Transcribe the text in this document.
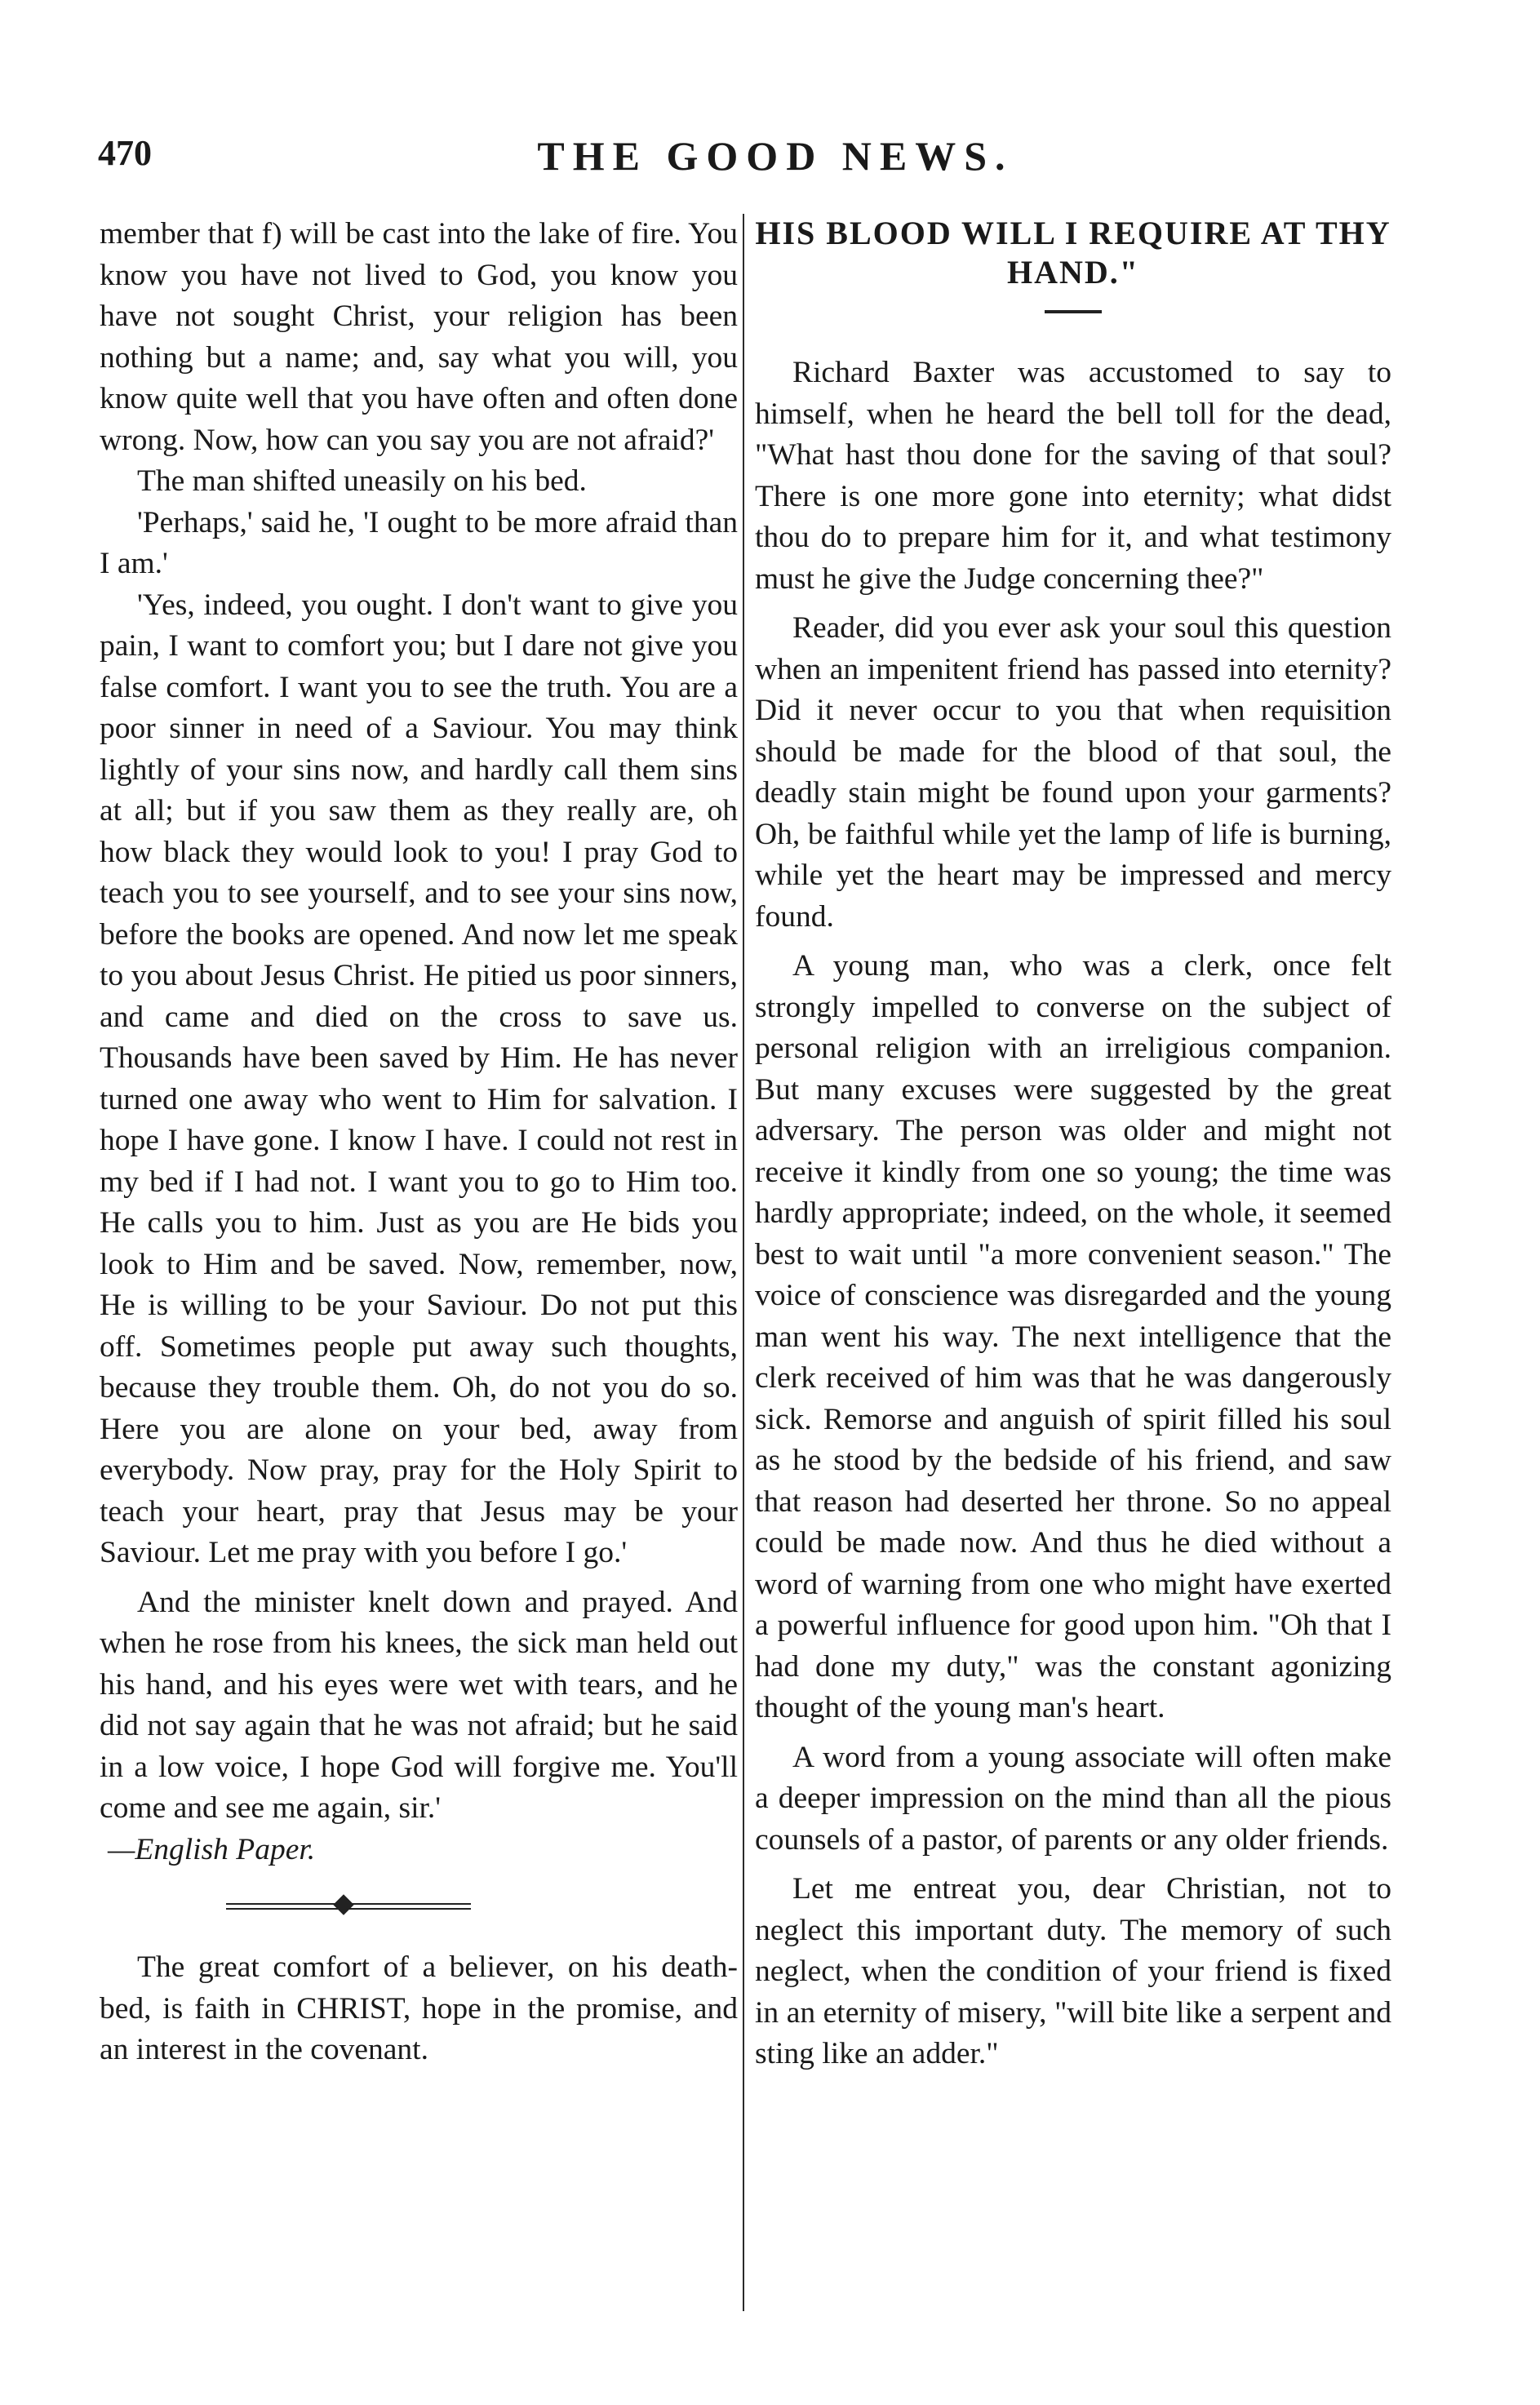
470	THE GOOD NEWS.

member that f) will be cast into the lake of fire. You know you have not lived to God, you know you have not sought Christ, your religion has been nothing but a name; and, say what you will, you know quite well that you have often and often done wrong. Now, how can you say you are not afraid?'

The man shifted uneasily on his bed.

'Perhaps,' said he, 'I ought to be more afraid than I am.'

'Yes, indeed, you ought. I don't want to give you pain, I want to comfort you; but I dare not give you false comfort. I want you to see the truth. You are a poor sinner in need of a Saviour. You may think lightly of your sins now, and hardly call them sins at all; but if you saw them as they really are, oh how black they would look to you! I pray God to teach you to see yourself, and to see your sins now, before the books are opened. And now let me speak to you about Jesus Christ. He pitied us poor sinners, and came and died on the cross to save us. Thousands have been saved by Him. He has never turned one away who went to Him for salvation. I hope I have gone. I know I have. I could not rest in my bed if I had not. I want you to go to Him too. He calls you to him. Just as you are He bids you look to Him and be saved. Now, remember, now, He is willing to be your Saviour. Do not put this off. Sometimes people put away such thoughts, because they trouble them. Oh, do not you do so. Here you are alone on your bed, away from everybody. Now pray, pray for the Holy Spirit to teach your heart, pray that Jesus may be your Saviour. Let me pray with you before I go.'

And the minister knelt down and prayed. And when he rose from his knees, the sick man held out his hand, and his eyes were wet with tears, and he did not say again that he was not afraid; but he said in a low voice, I hope God will forgive me. You'll come and see me again, sir.'

—English Paper.

The great comfort of a believer, on his death-bed, is faith in CHRIST, hope in the promise, and an interest in the covenant.

HIS BLOOD WILL I REQUIRE AT THY HAND."

Richard Baxter was accustomed to say to himself, when he heard the bell toll for the dead, "What hast thou done for the saving of that soul? There is one more gone into eternity; what didst thou do to prepare him for it, and what testimony must he give the Judge concerning thee?"

Reader, did you ever ask your soul this question when an impenitent friend has passed into eternity? Did it never occur to you that when requisition should be made for the blood of that soul, the deadly stain might be found upon your garments? Oh, be faithful while yet the lamp of life is burning, while yet the heart may be impressed and mercy found.

A young man, who was a clerk, once felt strongly impelled to converse on the subject of personal religion with an irreligious companion. But many excuses were suggested by the great adversary. The person was older and might not receive it kindly from one so young; the time was hardly appropriate; indeed, on the whole, it seemed best to wait until "a more convenient season." The voice of conscience was disregarded and the young man went his way. The next intelligence that the clerk received of him was that he was dangerously sick. Remorse and anguish of spirit filled his soul as he stood by the bedside of his friend, and saw that reason had deserted her throne. So no appeal could be made now. And thus he died without a word of warning from one who might have exerted a powerful influence for good upon him. "Oh that I had done my duty," was the constant agonizing thought of the young man's heart.

A word from a young associate will often make a deeper impression on the mind than all the pious counsels of a pastor, of parents or any older friends.

Let me entreat you, dear Christian, not to neglect this important duty. The memory of such neglect, when the condition of your friend is fixed in an eternity of misery, "will bite like a serpent and sting like an adder."
